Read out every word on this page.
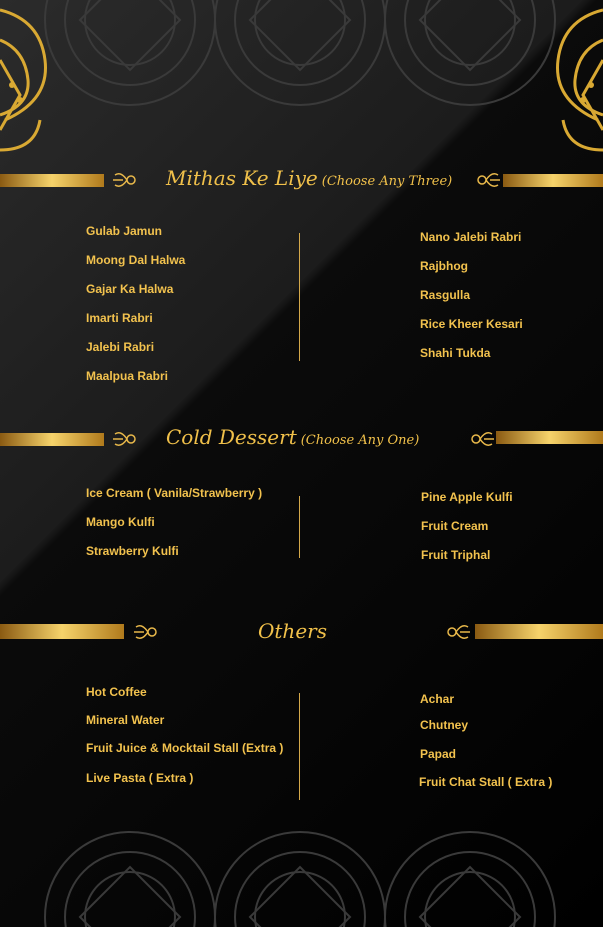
Mithas Ke Liye (Choose Any Three)
Gulab Jamun
Moong Dal Halwa
Gajar Ka Halwa
Imarti Rabri
Jalebi Rabri
Maalpua Rabri
Nano Jalebi Rabri
Rajbhog
Rasgulla
Rice Kheer Kesari
Shahi Tukda
Cold Dessert (Choose Any One)
Ice Cream ( Vanila/Strawberry )
Mango Kulfi
Strawberry Kulfi
Pine Apple Kulfi
Fruit Cream
Fruit Triphal
Others
Hot Coffee
Mineral Water
Fruit Juice & Mocktail Stall (Extra )
Live Pasta ( Extra )
Achar
Chutney
Papad
Fruit Chat Stall ( Extra )
